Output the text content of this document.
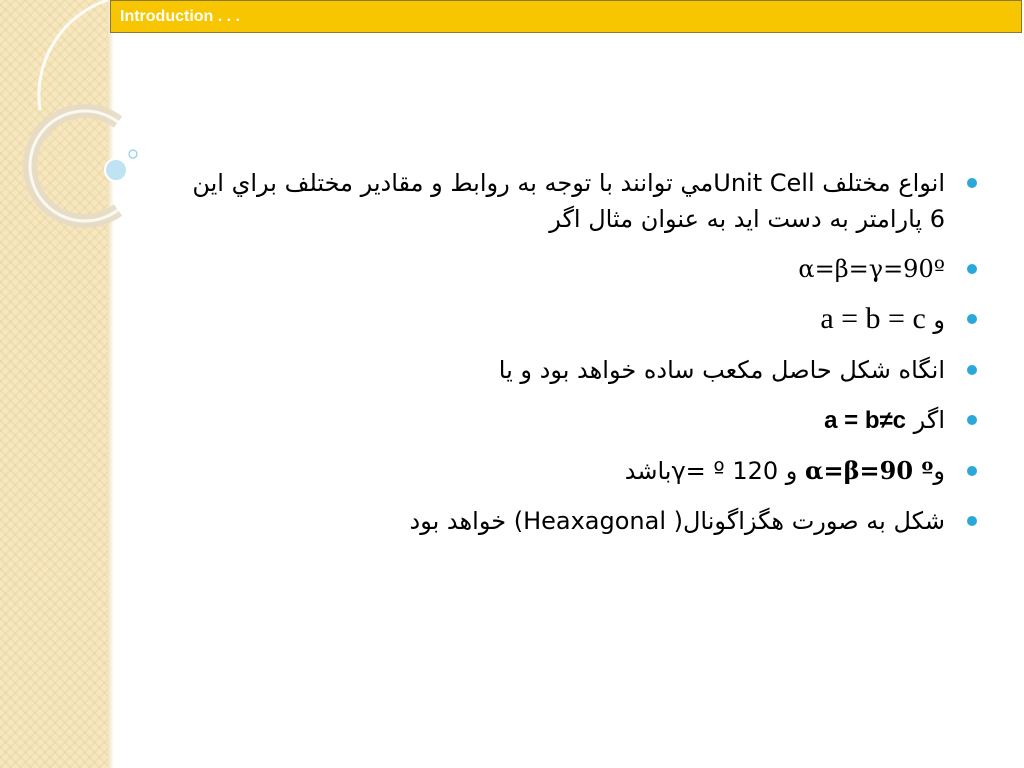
Introduction . . .
انواع مختلف Unit Cellمي توانند با توجه به روابط و مقادير مختلف براي اين 6 پارامتر به دست ايد به عنوان مثال اگر
α=β=γ=90º
و a = b = c
انگاه شكل حاصل مكعب ساده خواهد بود و يا
اگر a = b≠c
وα=β=90 º و γ= º 120باشد
شكل به صورت هگزاگونال( Heaxagonal) خواهد بود
